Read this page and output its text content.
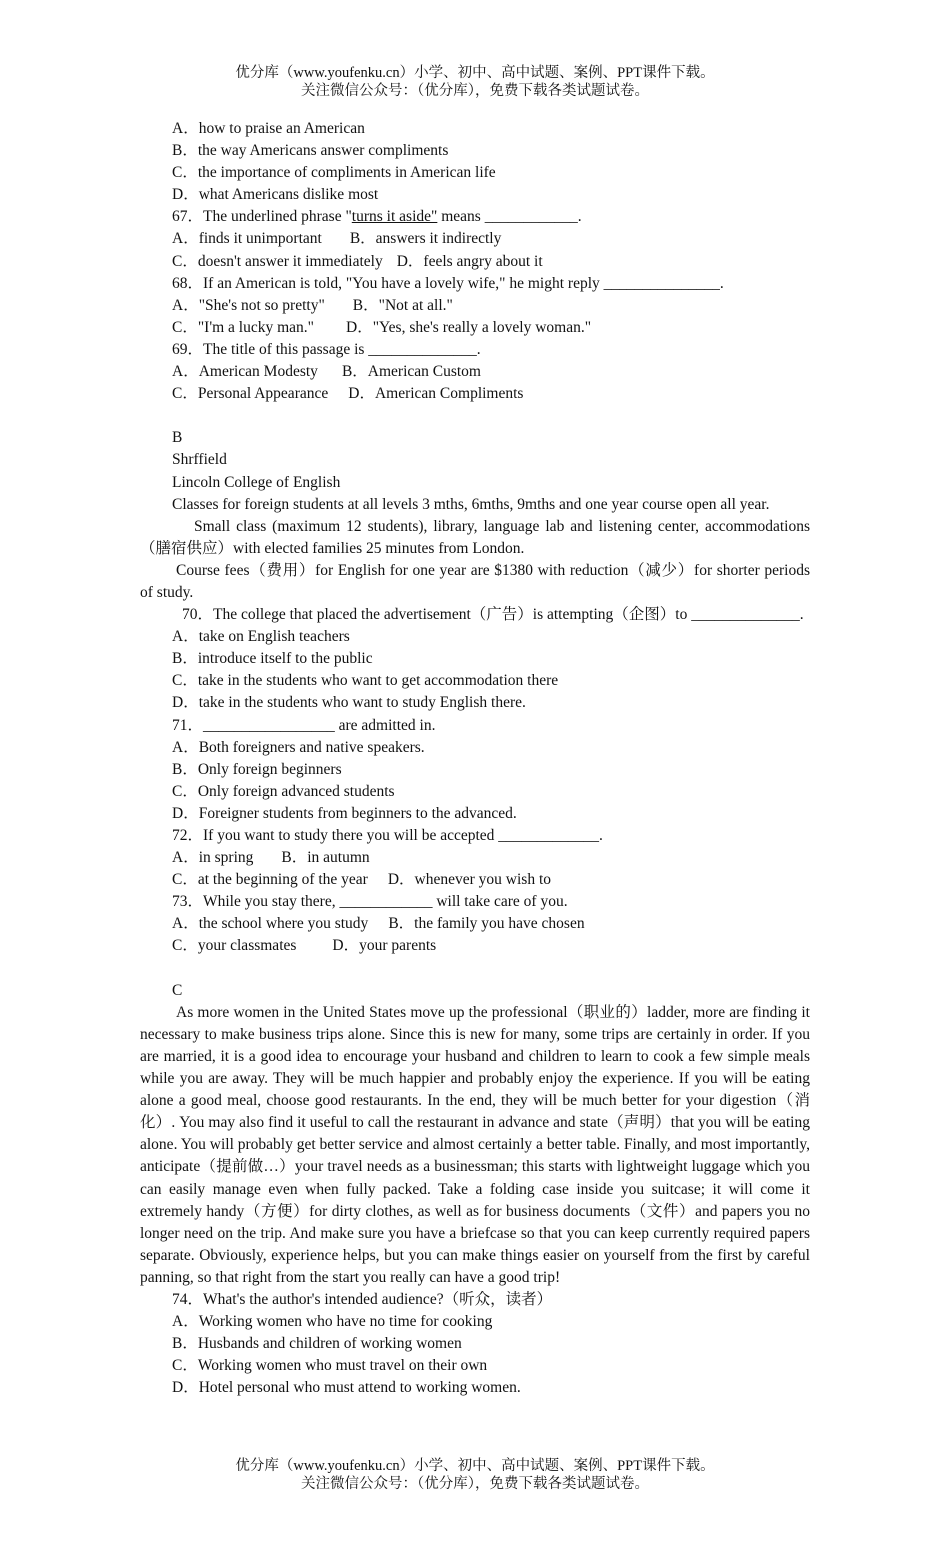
优分库（www.youfenku.cn）小学、初中、高中试题、案例、PPT课件下载。
关注微信公众号：（优分库），免费下载各类试题试卷。
A．how to praise an American
B．the way Americans answer compliments
C．the importance of compliments in American life
D．what Americans dislike most
67．The underlined phrase "turns it aside" means ____________.
A．finds it unimportant B．answers it indirectly
C．doesn't answer it immediately D．feels angry about it
68．If an American is told, "You have a lovely wife," he might reply _______________.
A．"She's not so pretty" B．"Not at all."
C．"I'm a lucky man." D．"Yes, she's really a lovely woman."
69．The title of this passage is ______________.
A．American Modesty B．American Custom
C．Personal Appearance D．American Compliments
B
Shrffield
Lincoln College of English
Classes for foreign students at all levels 3 mths, 6mths, 9mths and one year course open all year.
Small class (maximum 12 students), library, language lab and listening center, accommodations（膳宿供应）with elected families 25 minutes from London.
Course fees（费用）for English for one year are $1380 with reduction（减少）for shorter periods of study.
70．The college that placed the advertisement（广告）is attempting（企图）to ______________.
A．take on English teachers
B．introduce itself to the public
C．take in the students who want to get accommodation there
D．take in the students who want to study English there.
71．_________________ are admitted in.
A．Both foreigners and native speakers.
B．Only foreign beginners
C．Only foreign advanced students
D．Foreigner students from beginners to the advanced.
72．If you want to study there you will be accepted _____________.
A．in spring B．in autumn
C．at the beginning of the year D．whenever you wish to
73．While you stay there, ____________ will take care of you.
A．the school where you study B．the family you have chosen
C．your classmates D．your parents
C
As more women in the United States move up the professional（职业的）ladder, more are finding it necessary to make business trips alone. Since this is new for many, some trips are certainly in order. If you are married, it is a good idea to encourage your husband and children to learn to cook a few simple meals while you are away. They will be much happier and probably enjoy the experience. If you will be eating alone a good meal, choose good restaurants. In the end, they will be much better for your digestion（消化）. You may also find it useful to call the restaurant in advance and state（声明）that you will be eating alone. You will probably get better service and almost certainly a better table. Finally, and most importantly, anticipate（提前做…）your travel needs as a businessman; this starts with lightweight luggage which you can easily manage even when fully packed. Take a folding case inside you suitcase; it will come it extremely handy（方便）for dirty clothes, as well as for business documents（文件）and papers you no longer need on the trip. And make sure you have a briefcase so that you can keep currently required papers separate. Obviously, experience helps, but you can make things easier on yourself from the first by careful panning, so that right from the start you really can have a good trip!
74．What's the author's intended audience?（听众，读者）
A．Working women who have no time for cooking
B．Husbands and children of working women
C．Working women who must travel on their own
D．Hotel personal who must attend to working women.
优分库（www.youfenku.cn）小学、初中、高中试题、案例、PPT课件下载。
关注微信公众号：（优分库），免费下载各类试题试卷。
